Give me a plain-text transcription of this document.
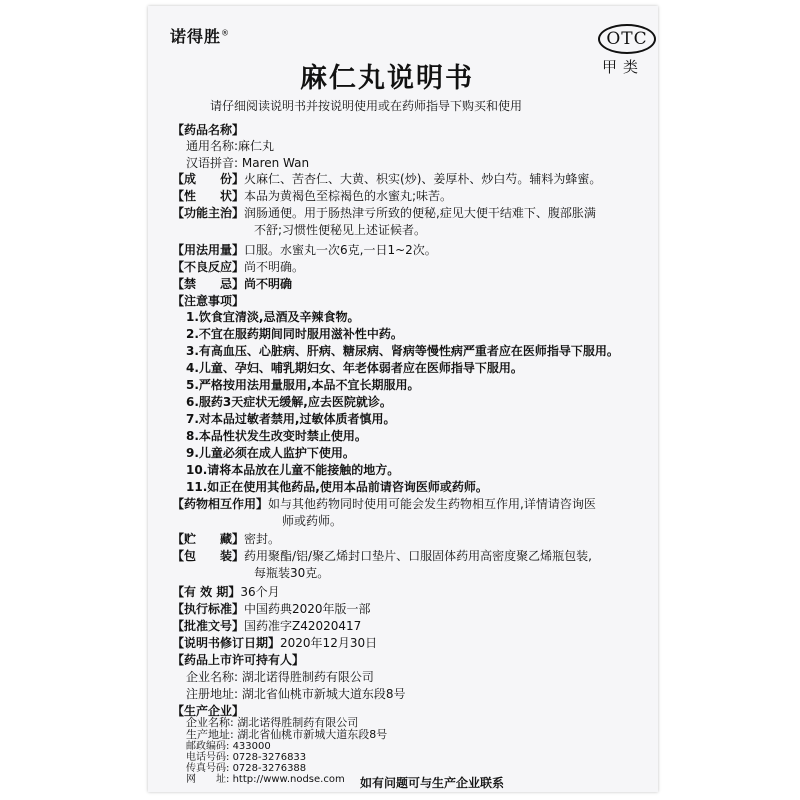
诺得胜®	OTC
甲类
麻仁丸说明书
请仔细阅读说明书并按说明使用或在药师指导下购买和使用
【药品名称】
通用名称:麻仁丸
汉语拼音: Maren Wan
【成　　份】火麻仁、苦杏仁、大黄、枳实(炒)、姜厚朴、炒白芍。辅料为蜂蜜。
【性　　状】本品为黄褐色至棕褐色的水蜜丸;味苦。
【功能主治】润肠通便。用于肠热津亏所致的便秘,症见大便干结难下、腹部胀满
不舒;习惯性便秘见上述证候者。
【用法用量】口服。水蜜丸一次6克,一日1~2次。
【不良反应】尚不明确。
【禁　　忌】尚不明确
【注意事项】
1.饮食宜清淡,忌酒及辛辣食物。
2.不宜在服药期间同时服用滋补性中药。
3.有高血压、心脏病、肝病、糖尿病、肾病等慢性病严重者应在医师指导下服用。
4.儿童、孕妇、哺乳期妇女、年老体弱者应在医师指导下服用。
5.严格按用法用量服用,本品不宜长期服用。
6.服药3天症状无缓解,应去医院就诊。
7.对本品过敏者禁用,过敏体质者慎用。
8.本品性状发生改变时禁止使用。
9.儿童必须在成人监护下使用。
10.请将本品放在儿童不能接触的地方。
11.如正在使用其他药品,使用本品前请咨询医师或药师。
【药物相互作用】如与其他药物同时使用可能会发生药物相互作用,详情请咨询医
师或药师。
【贮　　藏】密封。
【包　　装】药用聚酯/铝/聚乙烯封口垫片、口服固体药用高密度聚乙烯瓶包装,
每瓶装30克。
【有 效 期】36个月
【执行标准】中国药典2020年版一部
【批准文号】国药准字Z42020417
【说明书修订日期】2020年12月30日
【药品上市许可持有人】
企业名称: 湖北诺得胜制药有限公司
注册地址: 湖北省仙桃市新城大道东段8号
【生产企业】
企业名称: 湖北诺得胜制药有限公司
生产地址: 湖北省仙桃市新城大道东段8号
邮政编码: 433000
电话号码: 0728-3276833
传真号码: 0728-3276388
网　　址: http://www.nodse.com 如有问题可与生产企业联系
